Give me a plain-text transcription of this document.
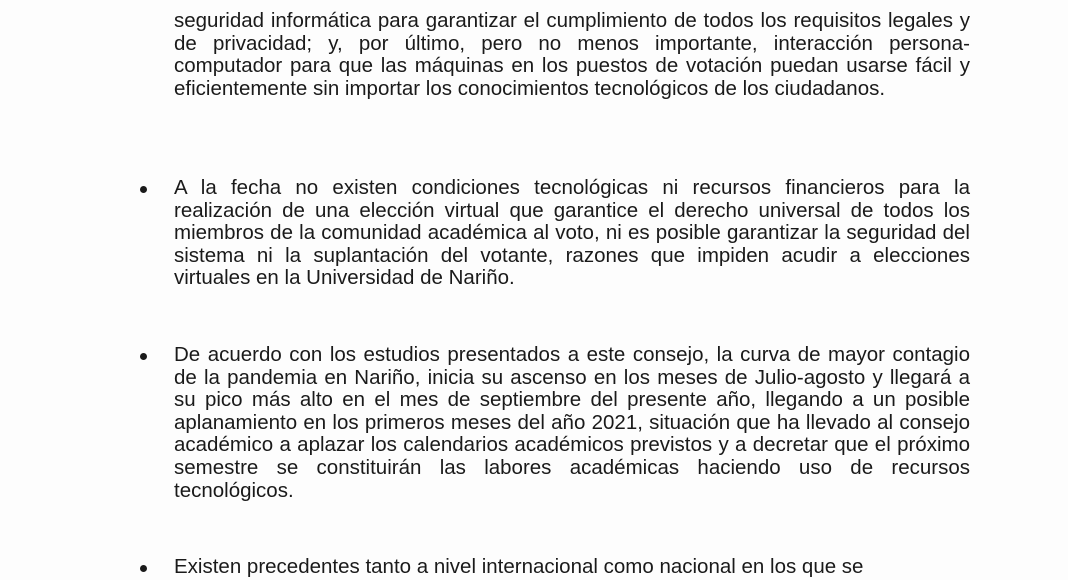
seguridad informática para garantizar el cumplimiento de todos los requisitos legales y de privacidad; y, por último, pero no menos importante, interacción persona-computador para que las máquinas en los puestos de votación puedan usarse fácil y eficientemente sin importar los conocimientos tecnológicos de los ciudadanos.
A la fecha no existen condiciones tecnológicas ni recursos financieros para la realización de una elección virtual que garantice el derecho universal de todos los miembros de la comunidad académica al voto, ni es posible garantizar la seguridad del sistema ni la suplantación del votante, razones que impiden acudir a elecciones virtuales en la Universidad de Nariño.
De acuerdo con los estudios presentados a este consejo, la curva de mayor contagio de la pandemia en Nariño, inicia su ascenso en los meses de Julio-agosto y llegará a su pico más alto en el mes de septiembre del presente año, llegando a un posible aplanamiento en los primeros meses del año 2021, situación que ha llevado al consejo académico a aplazar los calendarios académicos previstos y a decretar que el próximo semestre se constituirán las labores académicas haciendo uso de recursos tecnológicos.
Existen precedentes tanto a nivel internacional como nacional en los que se
